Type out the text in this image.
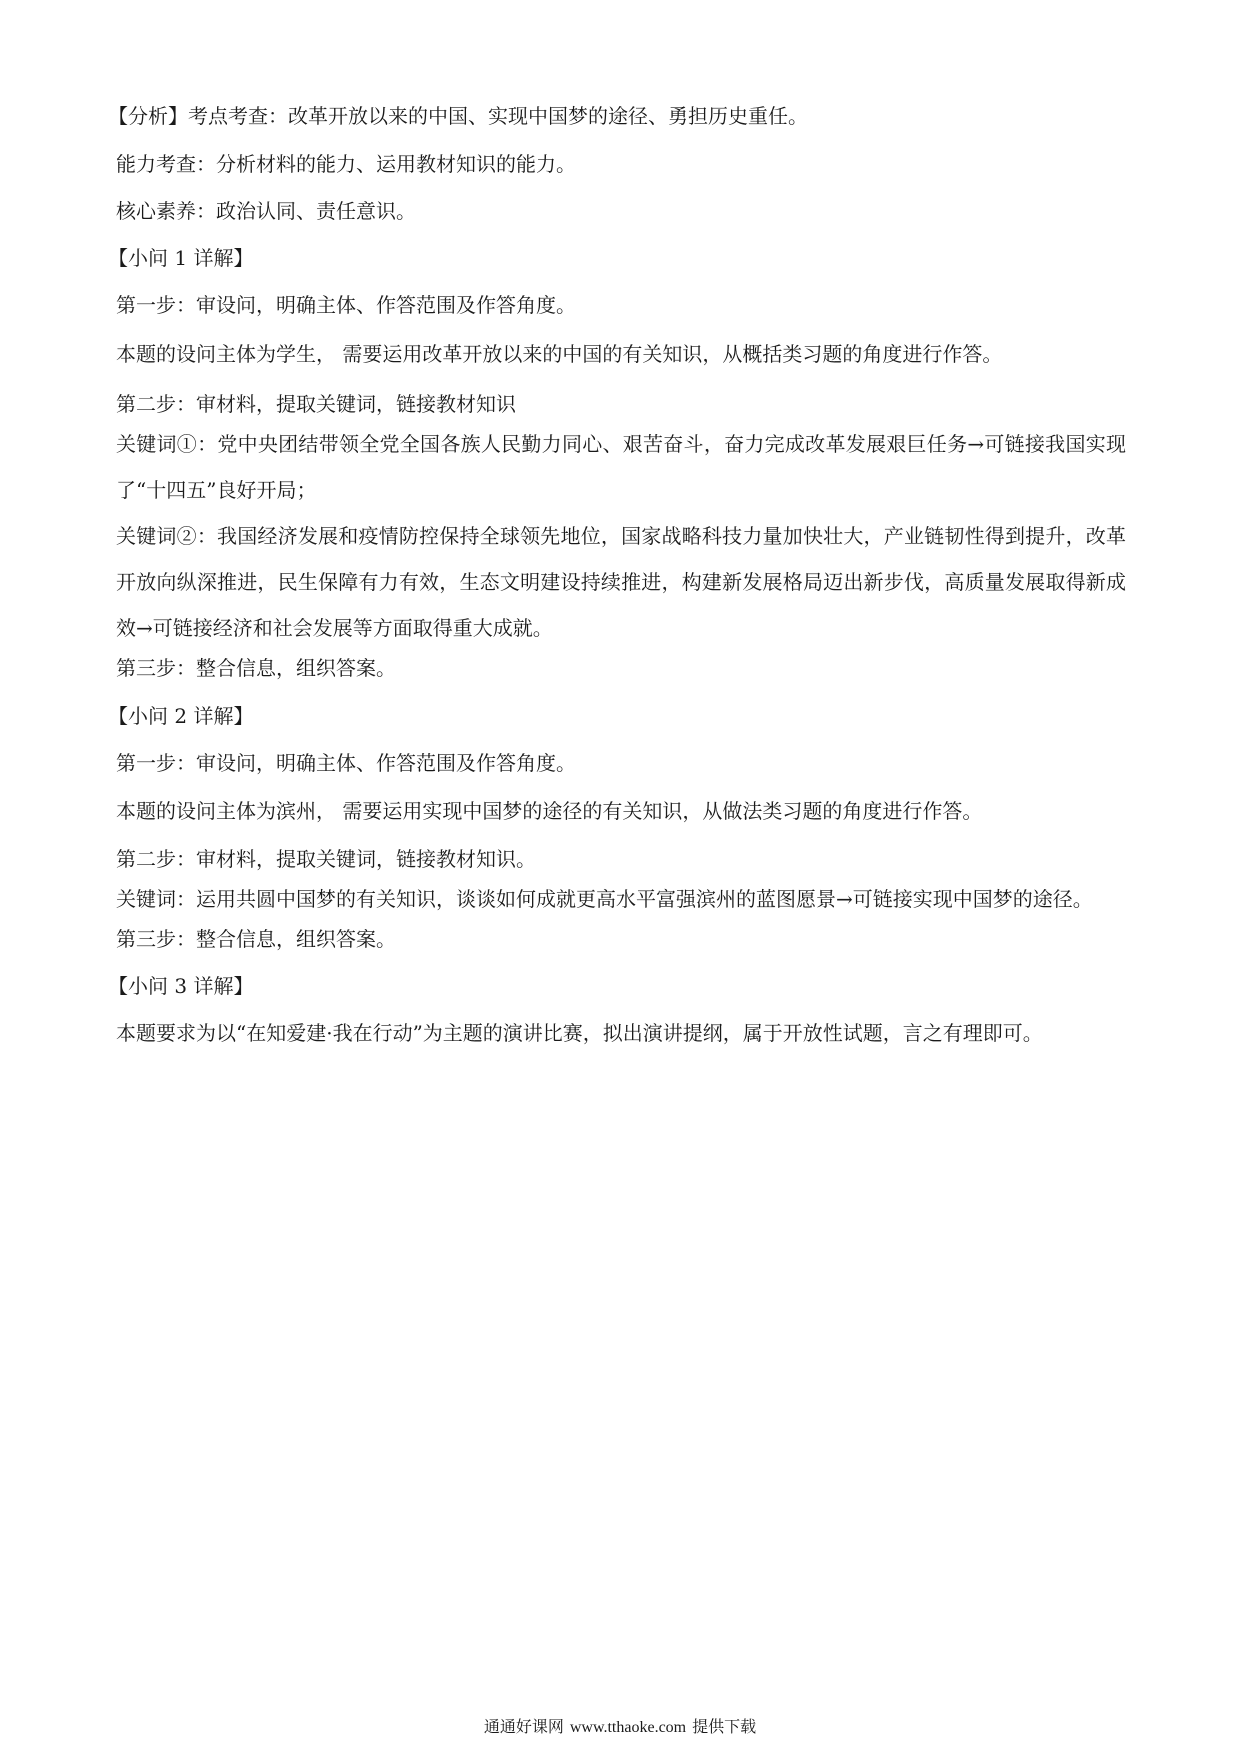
【分析】考点考查：改革开放以来的中国、实现中国梦的途径、勇担历史重任。

能力考查：分析材料的能力、运用教材知识的能力。

核心素养：政治认同、责任意识。

【小问 1 详解】

第一步：审设问，明确主体、作答范围及作答角度。

本题的设问主体为学生， 需要运用改革开放以来的中国的有关知识，从概括类习题的角度进行作答。

第二步：审材料，提取关键词，链接教材知识

关键词①：党中央团结带领全党全国各族人民勤力同心、艰苦奋斗，奋力完成改革发展艰巨任务→可链接我国实现了“十四五”良好开局；

关键词②：我国经济发展和疫情防控保持全球领先地位，国家战略科技力量加快壮大，产业链韧性得到提升，改革开放向纵深推进，民生保障有力有效，生态文明建设持续推进，构建新发展格局迈出新步伐，高质量发展取得新成效→可链接经济和社会发展等方面取得重大成就。

第三步：整合信息，组织答案。

【小问 2 详解】

第一步：审设问，明确主体、作答范围及作答角度。

本题的设问主体为滨州， 需要运用实现中国梦的途径的有关知识，从做法类习题的角度进行作答。

第二步：审材料，提取关键词，链接教材知识。

关键词：运用共圆中国梦的有关知识，谈谈如何成就更高水平富强滨州的蓝图愿景→可链接实现中国梦的途径。

第三步：整合信息，组织答案。

【小问 3 详解】

本题要求为以“在知爱建·我在行动”为主题的演讲比赛，拟出演讲提纲，属于开放性试题，言之有理即可。

通通好课网 www.tthaoke.com 提供下载
